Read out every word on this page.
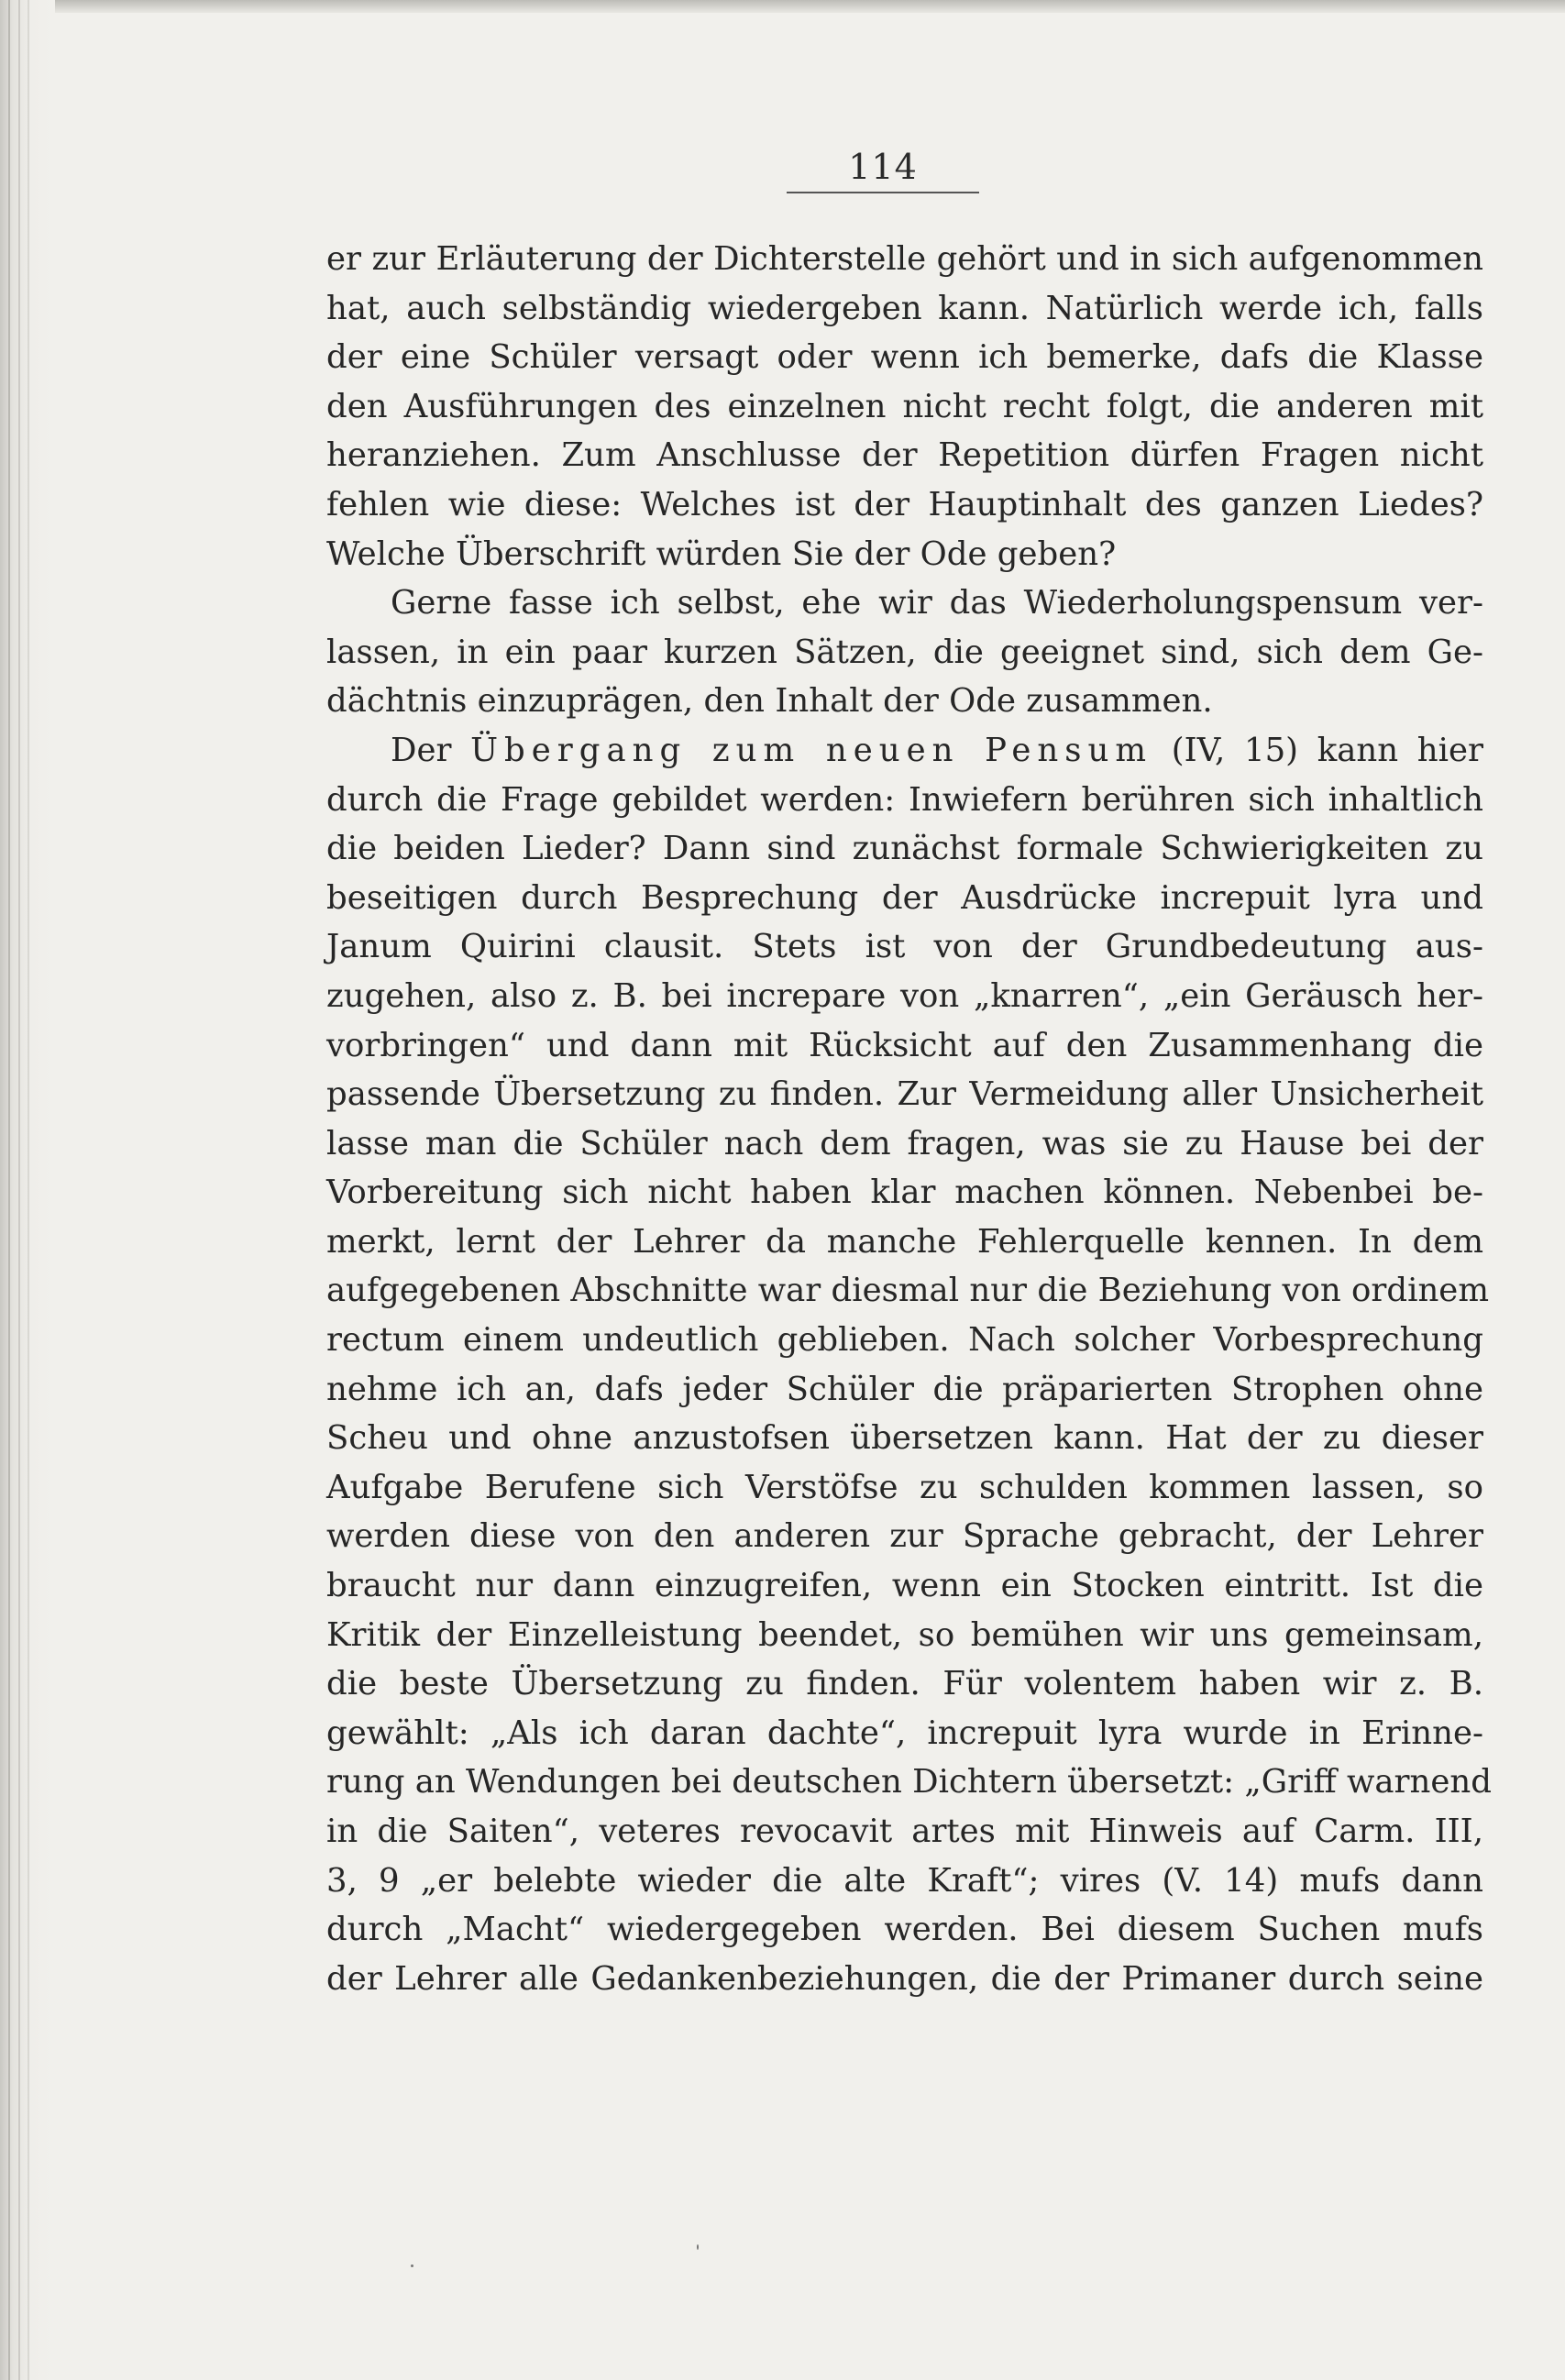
114
er zur Erläuterung der Dichterstelle gehört und in sich aufgenommen
hat, auch selbständig wiedergeben kann. Natürlich werde ich, falls
der eine Schüler versagt oder wenn ich bemerke, dafs die Klasse
den Ausführungen des einzelnen nicht recht folgt, die anderen mit
heranziehen. Zum Anschlusse der Repetition dürfen Fragen nicht
fehlen wie diese: Welches ist der Hauptinhalt des ganzen Liedes?
Welche Überschrift würden Sie der Ode geben?
Gerne fasse ich selbst, ehe wir das Wiederholungspensum ver-
lassen, in ein paar kurzen Sätzen, die geeignet sind, sich dem Ge-
dächtnis einzuprägen, den Inhalt der Ode zusammen.
Der Übergang zum neuen Pensum (IV, 15) kann hier
durch die Frage gebildet werden: Inwiefern berühren sich inhaltlich
die beiden Lieder? Dann sind zunächst formale Schwierigkeiten zu
beseitigen durch Besprechung der Ausdrücke increpuit lyra und
Janum Quirini clausit. Stets ist von der Grundbedeutung aus-
zugehen, also z. B. bei increpare von „knarren“, „ein Geräusch her-
vorbringen“ und dann mit Rücksicht auf den Zusammenhang die
passende Übersetzung zu finden. Zur Vermeidung aller Unsicherheit
lasse man die Schüler nach dem fragen, was sie zu Hause bei der
Vorbereitung sich nicht haben klar machen können. Nebenbei be-
merkt, lernt der Lehrer da manche Fehlerquelle kennen. In dem
aufgegebenen Abschnitte war diesmal nur die Beziehung von ordinem
rectum einem undeutlich geblieben. Nach solcher Vorbesprechung
nehme ich an, dafs jeder Schüler die präparierten Strophen ohne
Scheu und ohne anzustofsen übersetzen kann. Hat der zu dieser
Aufgabe Berufene sich Verstöfse zu schulden kommen lassen, so
werden diese von den anderen zur Sprache gebracht, der Lehrer
braucht nur dann einzugreifen, wenn ein Stocken eintritt. Ist die
Kritik der Einzelleistung beendet, so bemühen wir uns gemeinsam,
die beste Übersetzung zu finden. Für volentem haben wir z. B.
gewählt: „Als ich daran dachte“, increpuit lyra wurde in Erinne-
rung an Wendungen bei deutschen Dichtern übersetzt: „Griff warnend
in die Saiten“, veteres revocavit artes mit Hinweis auf Carm. III,
3, 9 „er belebte wieder die alte Kraft“; vires (V. 14) mufs dann
durch „Macht“ wiedergegeben werden. Bei diesem Suchen mufs
der Lehrer alle Gedankenbeziehungen, die der Primaner durch seine
